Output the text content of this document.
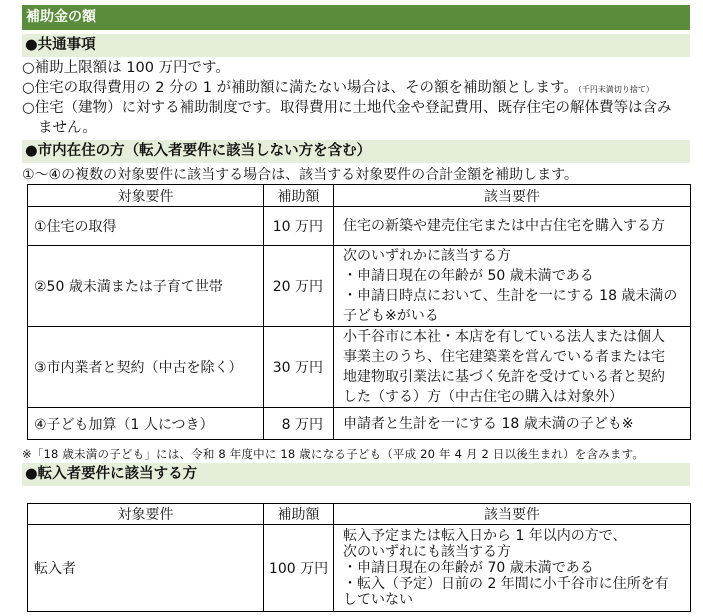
補助金の額
●共通事項
○補助上限額は 100 万円です。
○住宅の取得費用の 2 分の 1 が補助額に満たない場合は、その額を補助額とします。（千円未満切り捨て）
○住宅（建物）に対する補助制度です。取得費用に土地代金や登記費用、既存住宅の解体費等は含み
ません。
●市内在住の方（転入者要件に該当しない方を含む）
①～④の複数の対象要件に該当する場合は、該当する対象要件の合計金額を補助します。
対象要件	補助額	該当要件
①住宅の取得	10 万円	住宅の新築や建売住宅または中古住宅を購入する方

②50 歳未満または子育て世帯	20 万円	次のいずれかに該当する方
・申請日現在の年齢が 50 歳未満である
・申請日時点において、生計を一にする 18 歳未満の
子ども※がいる

③市内業者と契約（中古を除く）	30 万円	小千谷市に本社・本店を有している法人または個人
事業主のうち、住宅建築業を営んでいる者または宅
地建物取引業法に基づく免許を受けている者と契約
した（する）方（中古住宅の購入は対象外）

④子ども加算（1 人につき）	8 万円	申請者と生計を一にする 18 歳未満の子ども※
※「18 歳未満の子ども」には、令和 8 年度中に 18 歳になる子ども（平成 20 年 4 月 2 日以後生まれ）を含みます。
●転入者要件に該当する方
対象要件	補助額	該当要件
転入者	100 万円	転入予定または転入日から 1 年以内の方で、
次のいずれにも該当する方
・申請日現在の年齢が 70 歳未満である
・転入（予定）日前の 2 年間に小千谷市に住所を有
していない
